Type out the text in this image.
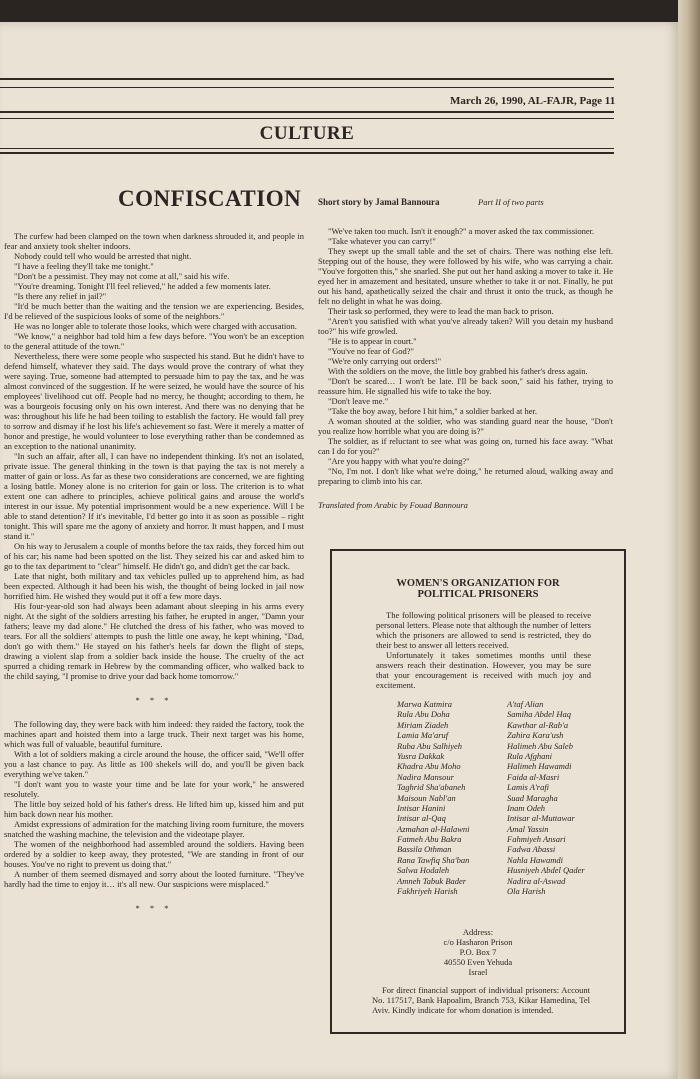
March 26, 1990, AL-FAJR, Page 11
CULTURE
CONFISCATION Short story by Jamal Bannoura	Part II of two parts

The curfew had been clamped on the town when darkness shrouded it, and people in fear and anxiety took shelter indoors.

Nobody could tell who would be arrested that night.

"I have a feeling they'll take me tonight."

"Don't be a pessimist. They may not come at all," said his wife.

"You're dreaming. Tonight I'll feel relieved," he added a few moments later.

"Is there any relief in jail?"

"It'd be much better than the waiting and the tension we are experiencing. Besides, I'd be relieved of the suspicious looks of some of the neighbors."

He was no longer able to tolerate those looks, which were charged with accusation.

"We know," a neighbor had told him a few days before. "You won't be an exception to the general attitude of the town."

Nevertheless, there were some people who suspected his stand. But he didn't have to defend himself, whatever they said. The days would prove the contrary of what they were saying. True, someone had attempted to persuade him to pay the tax, and he was almost convinced of the suggestion. If he were seized, he would have the source of his employees' livelihood cut off. People had no mercy, he thought; according to them, he was a bourgeois focusing only on his own interest. And there was no denying that he was: throughout his life he had been toiling to establish the factory. He would fall prey to sorrow and dismay if he lost his life's achievement so fast. Were it merely a matter of honor and prestige, he would volunteer to lose everything rather than be condemned as an exception to the national unanimity.

"In such an affair, after all, I can have no independent thinking. It's not an isolated, private issue. The general thinking in the town is that paying the tax is not merely a matter of gain or loss. As far as these two considerations are concerned, we are fighting a losing battle. Money alone is no criterion for gain or loss. The criterion is to what extent one can adhere to principles, achieve political gains and arouse the world's interest in our issue. My potential imprisonment would be a new experience. Will I be able to stand detention? If it's inevitable, I'd better go into it as soon as possible – right tonight. This will spare me the agony of anxiety and horror. It must happen, and I must stand it."

On his way to Jerusalem a couple of months before the tax raids, they forced him out of his car; his name had been spotted on the list. They seized his car and asked him to go to the tax department to "clear" himself. He didn't go, and didn't get the car back.

Late that night, both military and tax vehicles pulled up to apprehend him, as had been expected. Although it had been his wish, the thought of being locked in jail now horrified him. He wished they would put it off a few more days.

His four-year-old son had always been adamant about sleeping in his arms every night. At the sight of the soldiers arresting his father, he erupted in anger, "Damn your fathers; leave my dad alone." He clutched the dress of his father, who was moved to tears. For all the soldiers' attempts to push the little one away, he kept whining, "Dad, don't go with them." He stayed on his father's heels far down the flight of steps, drawing a violent slap from a soldier back inside the house. The cruelty of the act spurred a chiding remark in Hebrew by the commanding officer, who walked back to the child saying, "I promise to drive your dad back home tomorrow."

* * *

The following day, they were back with him indeed: they raided the factory, took the machines apart and hoisted them into a large truck. Their next target was his home, which was full of valuable, beautiful furniture.

With a lot of soldiers making a circle around the house, the officer said, "We'll offer you a last chance to pay. As little as 100 shekels will do, and you'll be given back everything we've taken."

"I don't want you to waste your time and be late for your work," he answered resolutely.

The little boy seized hold of his father's dress. He lifted him up, kissed him and put him back down near his mother.

Amidst expressions of admiration for the matching living room furniture, the movers snatched the washing machine, the television and the videotape player.

The women of the neighborhood had assembled around the soldiers. Having been ordered by a soldier to keep away, they protested, "We are standing in front of our houses. You've no right to prevent us doing that."

A number of them seemed dismayed and sorry about the looted furniture. "They've hardly had the time to enjoy it… it's all new. Our suspicions were misplaced."

* * *

"We've taken too much. Isn't it enough?" a mover asked the tax commissioner.

"Take whatever you can carry!"

They swept up the small table and the set of chairs. There was nothing else left. Stepping out of the house, they were followed by his wife, who was carrying a chair. "You've forgotten this," she snarled. She put out her hand asking a mover to take it. He eyed her in amazement and hesitated, unsure whether to take it or not. Finally, he put out his hand, apathetically seized the chair and thrust it onto the truck, as though he felt no delight in what he was doing.

Their task so performed, they were to lead the man back to prison.

"Aren't you satisfied with what you've already taken? Will you detain my husband too?" his wife growled.

"He is to appear in court."

"You've no fear of God?"

"We're only carrying out orders!"

With the soldiers on the move, the little boy grabbed his father's dress again.

"Don't be scared… I won't be late. I'll be back soon," said his father, trying to reassure him. He signalled his wife to take the boy.

"Don't leave me."

"Take the boy away, before I hit him," a soldier barked at her.

A woman shouted at the soldier, who was standing guard near the house, "Don't you realize how horrible what you are doing is?"

The soldier, as if reluctant to see what was going on, turned his face away. "What can I do for you?"

"Are you happy with what you're doing?"

"No, I'm not. I don't like what we're doing," he returned aloud, walking away and preparing to climb into his car.

Translated from Arabic by Fouad Bannoura

WOMEN'S ORGANIZATION FOR
POLITICAL PRISONERS

The following political prisoners will be pleased to receive personal letters. Please note that although the number of letters which the prisoners are allowed to send is restricted, they do their best to answer all letters received.

Unfortunately it takes sometimes months until these answers reach their destination. However, you may be sure that your encouragement is received with much joy and excitement.

Marwa Katmira
Rula Abu Doha
Miriam Ziadeh
Lamia Ma'aruf
Ruba Abu Salhiyeh
Yusra Dakkak
Khadra Abu Moho
Nadira Mansour
Taghrid Sha'abaneh
Maisoun Nabl'an
Intisar Hanini
Intisar al-Qaq
Azmahan al-Halawni
Fatmeh Abu Bakra
Bassila Othman
Rana Tawfiq Sha'ban
Salwa Hodaleh
Amneh Tabuk Bader
Fakhriyeh Harish
A'taf Alian
Samiha Abdel Haq
Kawthar al-Rab'a
Zahira Kara'ush
Halimeh Abu Saleb
Rula Afghani
Halimeh Hawamdi
Faida al-Masri
Lamis A'rafi
Suad Maragha
Inam Odeh
Intisar al-Muttawar
Amal Yassin
Fahmiyeh Ansari
Fadwa Abassi
Nahla Hawamdi
Husniyeh Abdel Qader
Nadira al-Aswad
Ola Harish
Address:
c/o Hasharon Prison
P.O. Box 7
40550 Even Yehuda
Israel
For direct financial support of individual prisoners: Account No. 117517, Bank Hapoalim, Branch 753, Kikar Hamedina, Tel Aviv. Kindly indicate for whom donation is intended.
